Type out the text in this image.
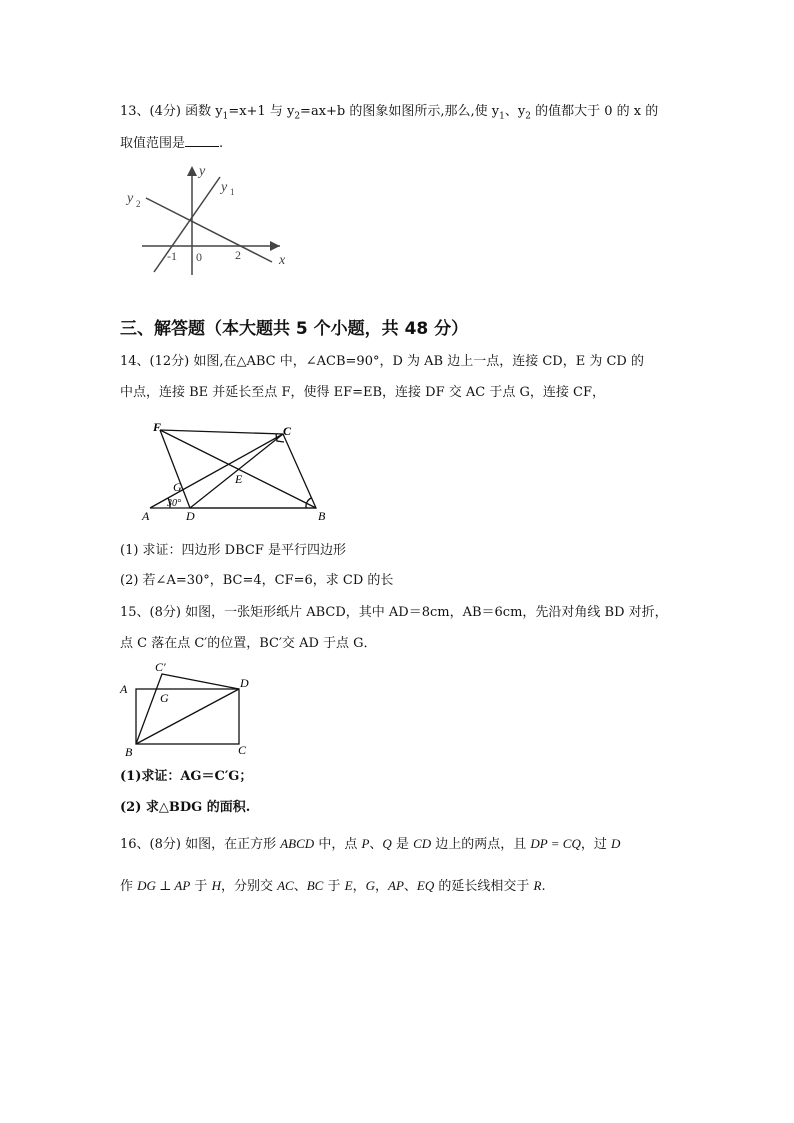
13、(4分) 函数 $y_1=x+1$ 与 $y_2=ax+b$ 的图象如图所示,那么,使 $y_1$、$y_2$ 的值都大于 0 的 x 的
取值范围是	.
y
x
y 1
y 2
-1 0	2
三、解答题（本大题共 5 个小题，共 48 分）
14、(12分) 如图,在△ABC 中，∠ACB=90°，D 为 AB 边上一点，连接 CD，E 为 CD 的
中点，连接 BE 并延长至点 F，使得 EF=EB，连接 DF 交 AC 于点 G，连接 CF，
F	C
E
G
A	D	B
30°
(1) 求证：四边形 DBCF 是平行四边形
(2) 若∠A=30°，BC=4，CF=6，求 CD 的长
15、(8分) 如图，一张矩形纸片 ABCD，其中 AD＝8cm，AB＝6cm，先沿对角线 BD 对折，
点 C 落在点 C′的位置，BC′交 AD 于点 G．
C′
A
G
D
B	C
(1)求证：AG＝C′G；
(2) 求△BDG 的面积.
16、(8分) 如图，在正方形 ABCD 中，点 P、Q 是 CD 边上的两点，且 DP = CQ，过 D
作 DG ⊥ AP 于 H，分别交 AC、BC 于 E，G，AP、EQ 的延长线相交于 R.
